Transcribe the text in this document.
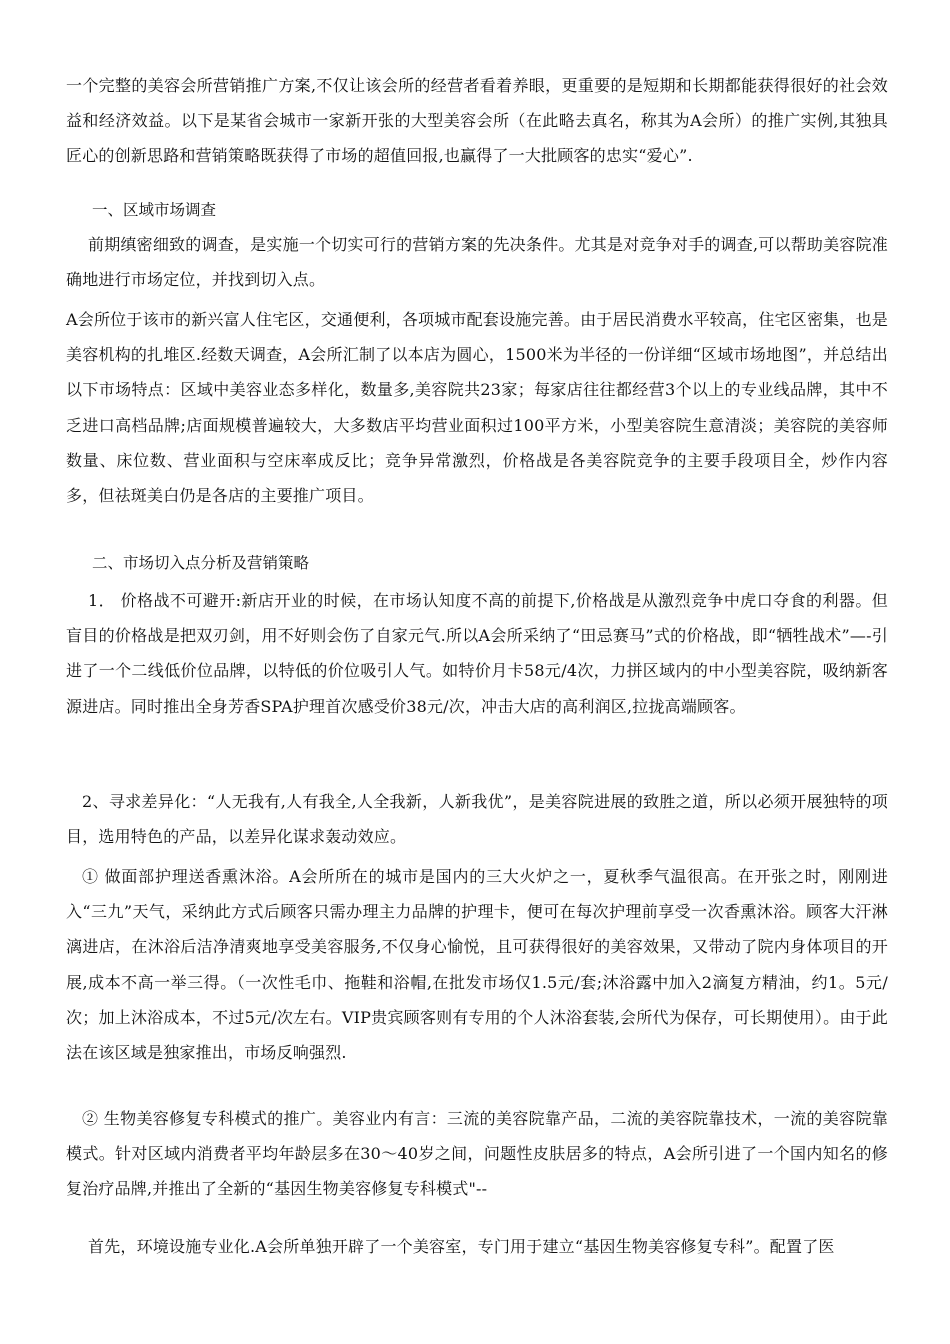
一个完整的美容会所营销推广方案,不仅让该会所的经营者看着养眼，更重要的是短期和长期都能获得很好的社会效益和经济效益。以下是某省会城市一家新开张的大型美容会所（在此略去真名，称其为A会所）的推广实例,其独具匠心的创新思路和营销策略既获得了市场的超值回报,也赢得了一大批顾客的忠实“爱心”.

一、区域市场调查

前期缜密细致的调查，是实施一个切实可行的营销方案的先决条件。尤其是对竞争对手的调查,可以帮助美容院准确地进行市场定位，并找到切入点。

A会所位于该市的新兴富人住宅区，交通便利，各项城市配套设施完善。由于居民消费水平较高，住宅区密集，也是美容机构的扎堆区.经数天调查，A会所汇制了以本店为圆心，1500米为半径的一份详细“区域市场地图”，并总结出以下市场特点：区域中美容业态多样化，数量多,美容院共23家；每家店往往都经营3个以上的专业线品牌，其中不乏进口高档品牌;店面规模普遍较大，大多数店平均营业面积过100平方米，小型美容院生意清淡；美容院的美容师数量、床位数、营业面积与空床率成反比；竞争异常激烈，价格战是各美容院竞争的主要手段项目全，炒作内容多，但祛斑美白仍是各店的主要推广项目。

二、市场切入点分析及营销策略

1． 价格战不可避开:新店开业的时候，在市场认知度不高的前提下,价格战是从激烈竞争中虎口夺食的利器。但盲目的价格战是把双刃剑，用不好则会伤了自家元气.所以A会所采纳了“田忌赛马”式的价格战，即“牺牲战术”—-引进了一个二线低价位品牌，以特低的价位吸引人气。如特价月卡58元/4次，力拼区域内的中小型美容院，吸纳新客源进店。同时推出全身芳香SPA护理首次感受价38元/次，冲击大店的高利润区,拉拢高端顾客。

2、寻求差异化：“人无我有,人有我全,人全我新，人新我优”，是美容院进展的致胜之道，所以必须开展独特的项目，选用特色的产品，以差异化谋求轰动效应。

① 做面部护理送香熏沐浴。A会所所在的城市是国内的三大火炉之一，夏秋季气温很高。在开张之时，刚刚进入“三九”天气，采纳此方式后顾客只需办理主力品牌的护理卡，便可在每次护理前享受一次香熏沐浴。顾客大汗淋漓进店，在沐浴后洁净清爽地享受美容服务,不仅身心愉悦，且可获得很好的美容效果，又带动了院内身体项目的开展,成本不高一举三得。（一次性毛巾、拖鞋和浴帽,在批发市场仅1.5元/套;沐浴露中加入2滴复方精油，约1。5元/次；加上沐浴成本，不过5元/次左右。VIP贵宾顾客则有专用的个人沐浴套装,会所代为保存，可长期使用）。由于此法在该区域是独家推出，市场反响强烈.

② 生物美容修复专科模式的推广。美容业内有言：三流的美容院靠产品，二流的美容院靠技术，一流的美容院靠模式。针对区域内消费者平均年龄层多在30～40岁之间，问题性皮肤居多的特点，A会所引进了一个国内知名的修复治疗品牌,并推出了全新的“基因生物美容修复专科模式"--

首先，环境设施专业化.A会所单独开辟了一个美容室，专门用于建立“基因生物美容修复专科”。配置了医
